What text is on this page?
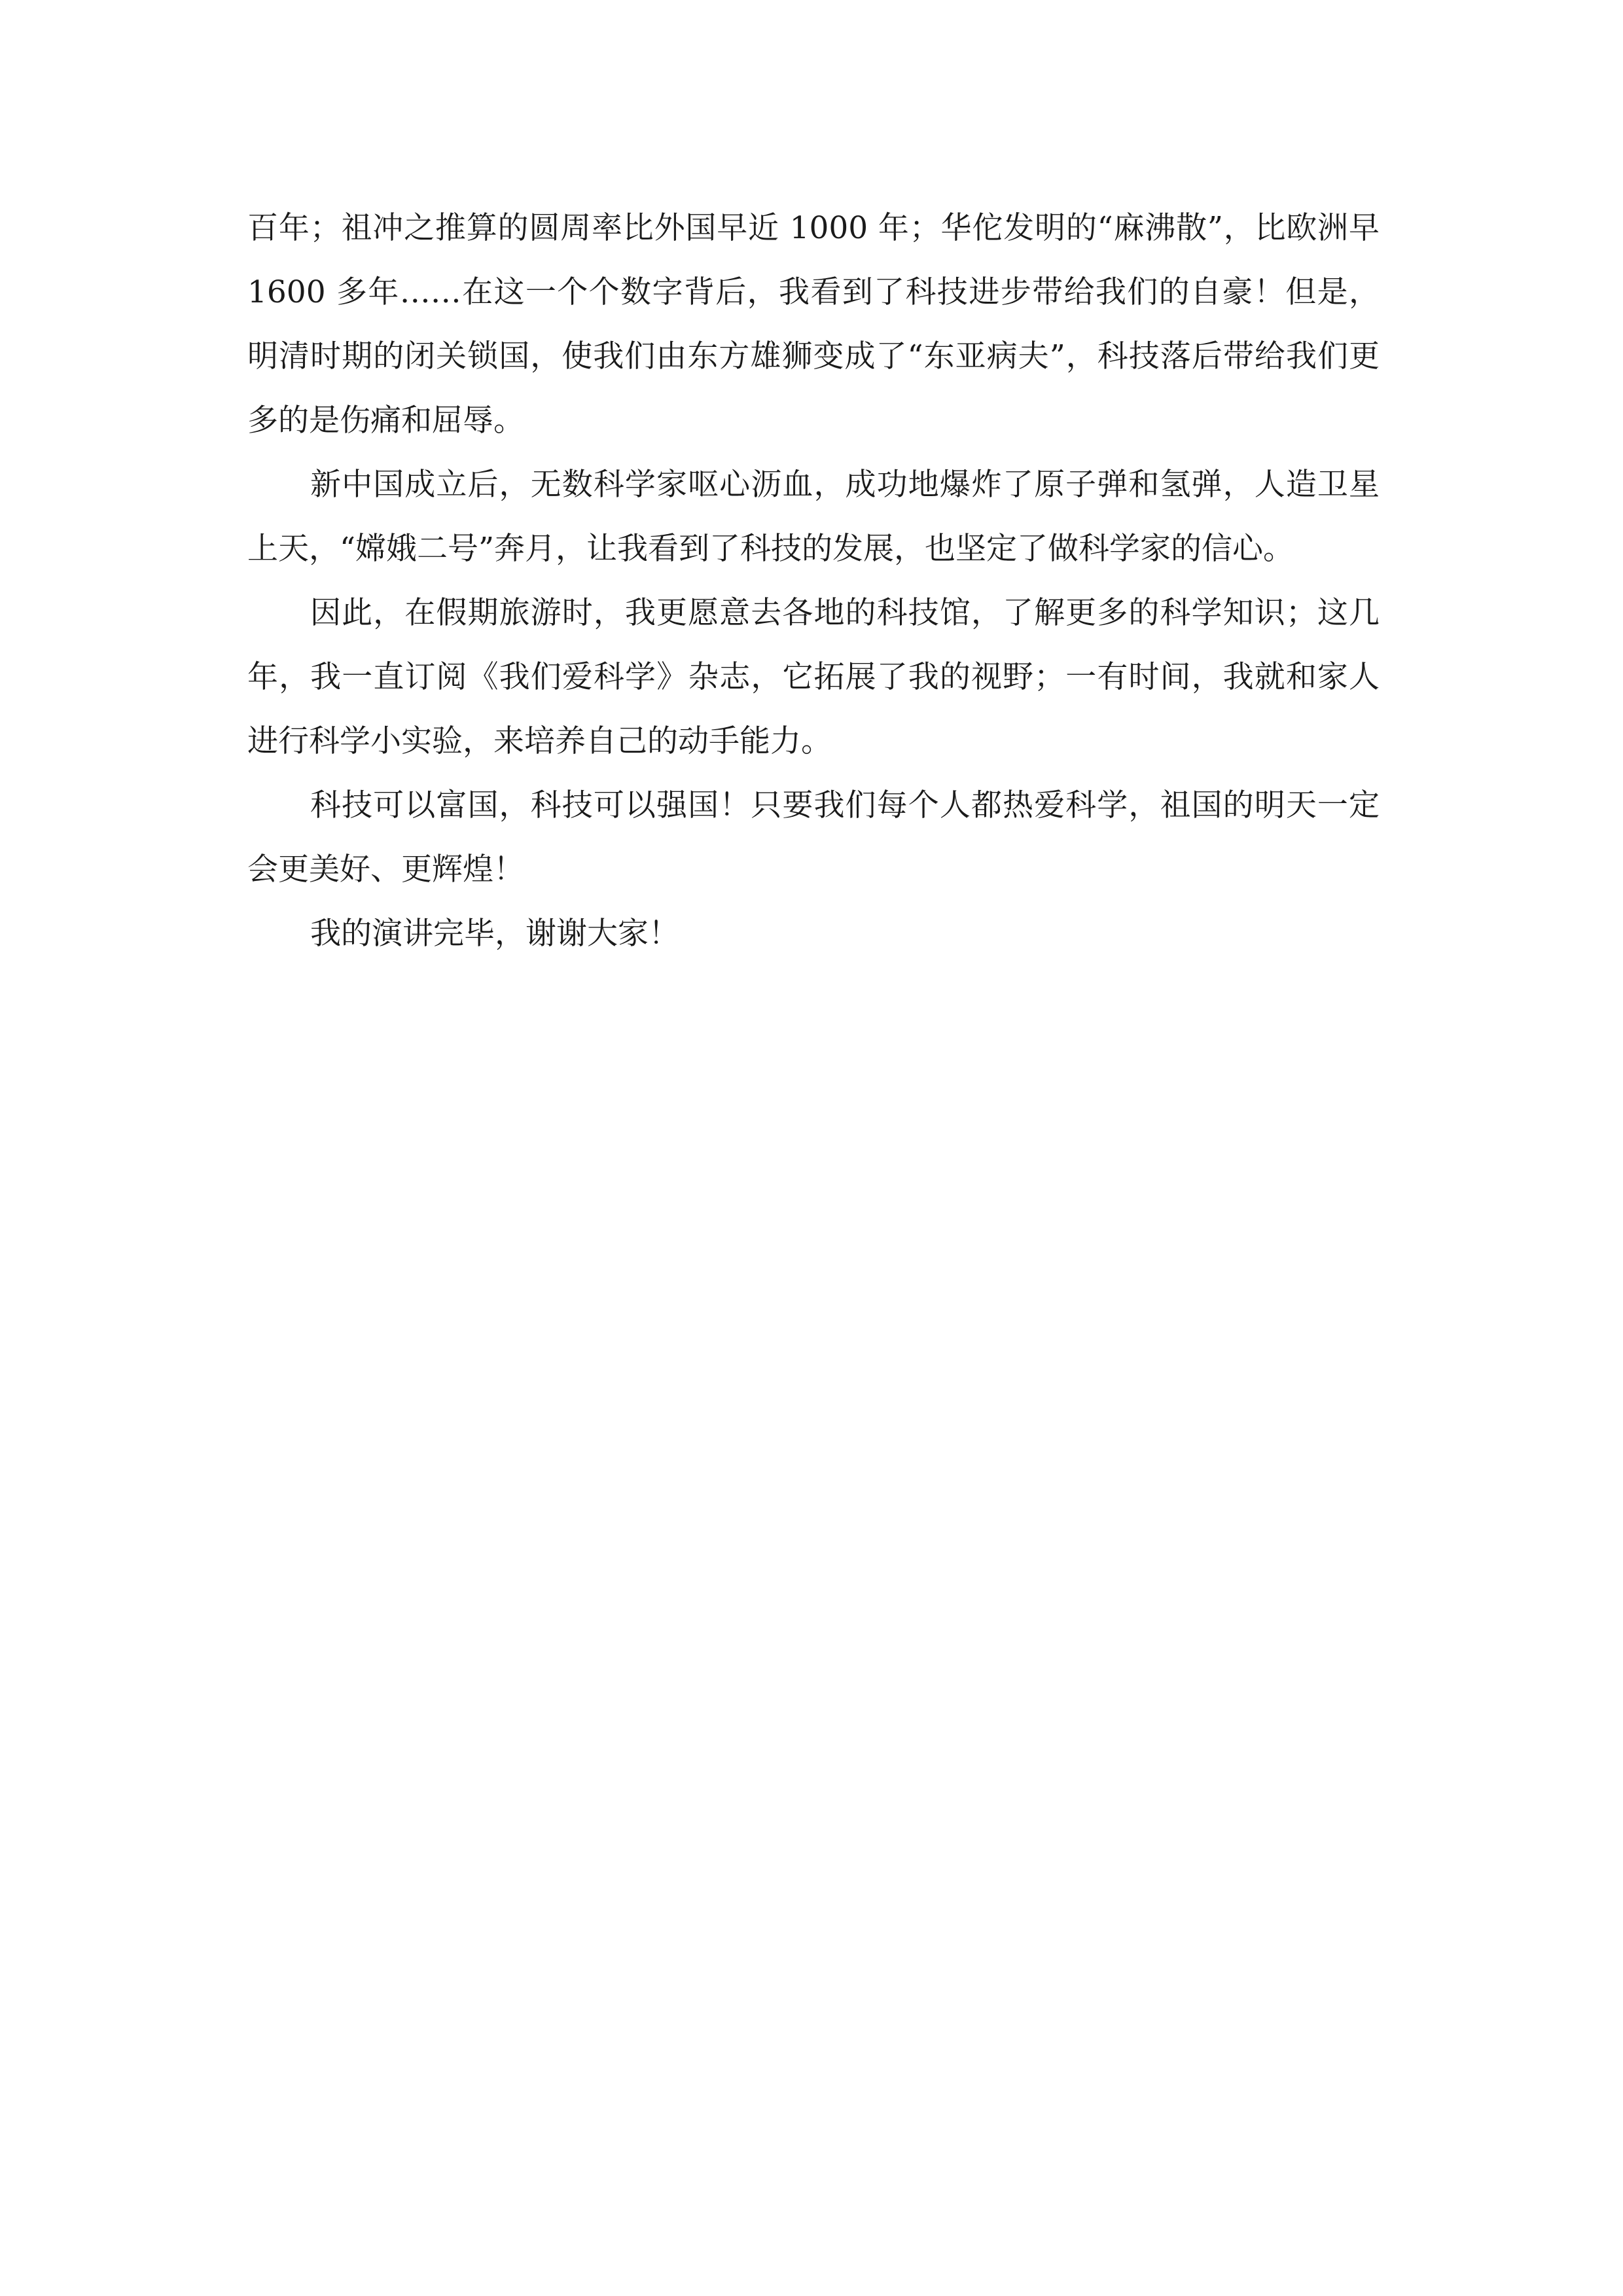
百年；祖冲之推算的圆周率比外国早近 1000 年；华佗发明的“麻沸散”，比欧洲早 1600 多年……在这一个个数字背后，我看到了科技进步带给我们的自豪！但是，明清时期的闭关锁国，使我们由东方雄狮变成了“东亚病夫”，科技落后带给我们更多的是伤痛和屈辱。

新中国成立后，无数科学家呕心沥血，成功地爆炸了原子弹和氢弹，人造卫星上天，“嫦娥二号”奔月，让我看到了科技的发展，也坚定了做科学家的信心。

因此，在假期旅游时，我更愿意去各地的科技馆，了解更多的科学知识；这几年，我一直订阅《我们爱科学》杂志，它拓展了我的视野；一有时间，我就和家人进行科学小实验，来培养自己的动手能力。

科技可以富国，科技可以强国！只要我们每个人都热爱科学，祖国的明天一定会更美好、更辉煌！

我的演讲完毕，谢谢大家！
